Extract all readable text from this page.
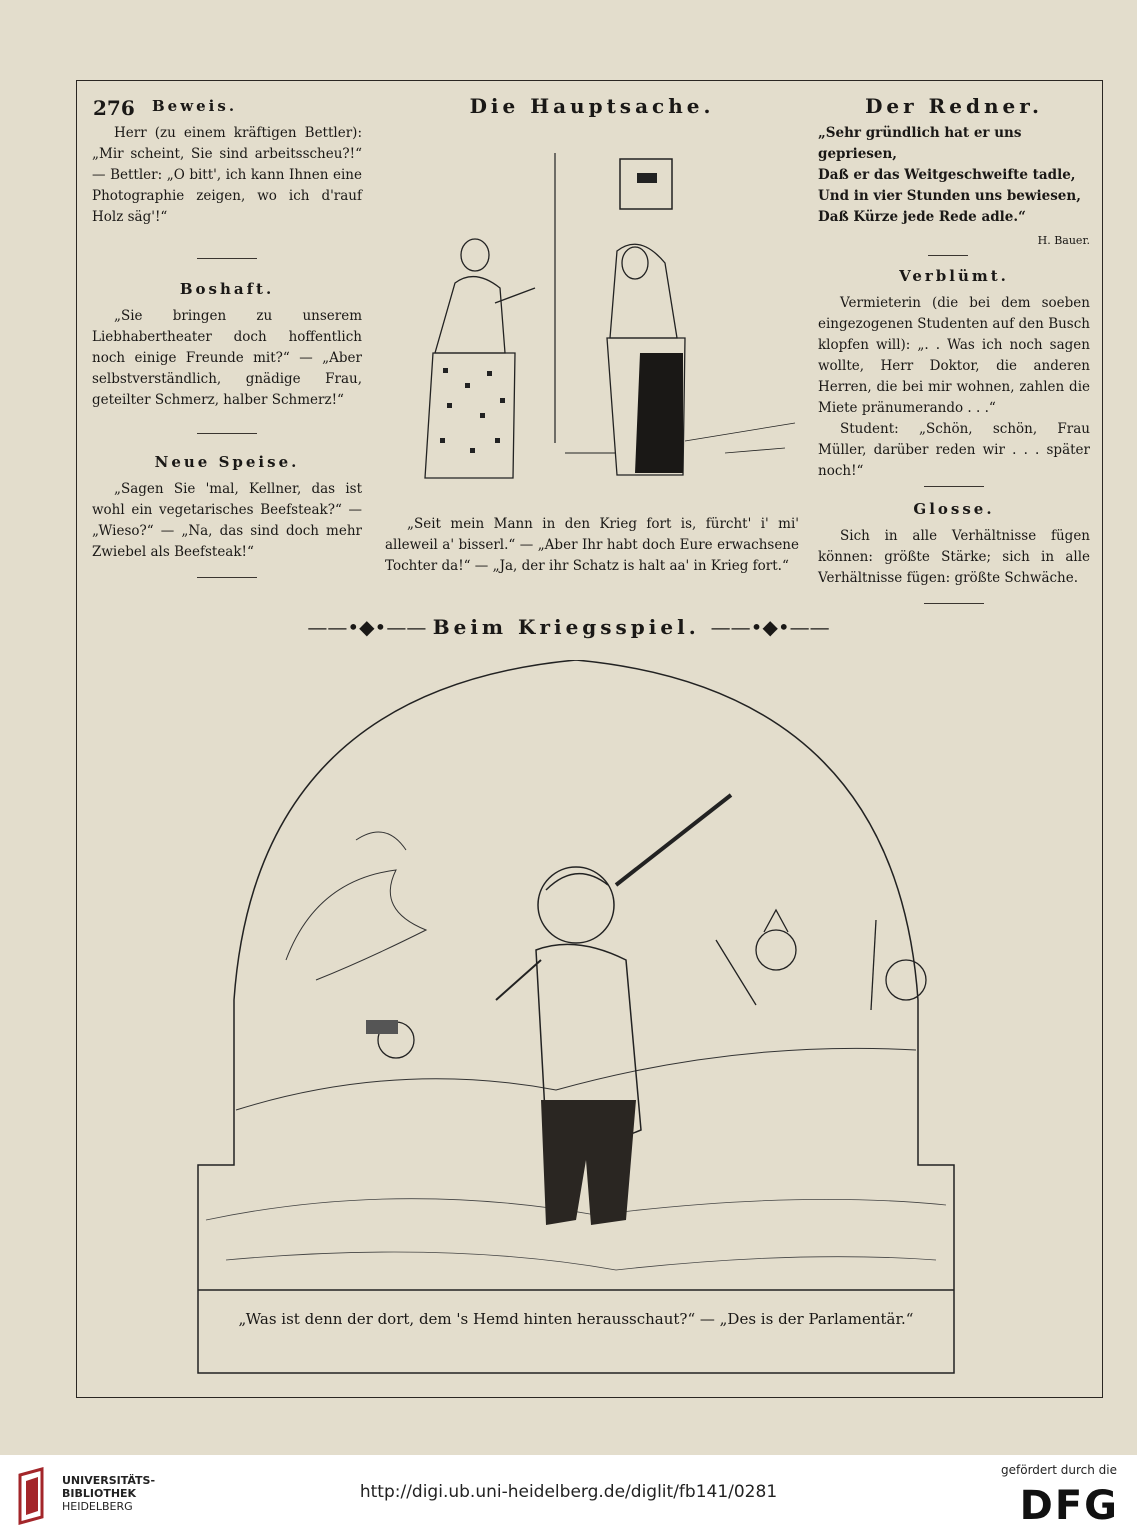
276 Beweis.

Herr (zu einem kräftigen Bettler): „Mir scheint, Sie sind arbeitsscheu?!“ — Bettler: „O bitt', ich kann Ihnen eine Photographie zeigen, wo ich d'rauf Holz säg'!“

Boshaft.

„Sie bringen zu unserem Liebhabertheater doch hoffentlich noch einige Freunde mit?“ — „Aber selbstverständlich, gnädige Frau, geteilter Schmerz, halber Schmerz!“

Neue Speise.

„Sagen Sie 'mal, Kellner, das ist wohl ein vegetarisches Beefsteak?“ — „Wieso?“ — „Na, das sind doch mehr Zwiebel als Beefsteak!“

Die Hauptsache.

„Seit mein Mann in den Krieg fort is, fürcht' i' mi' alleweil a' bisserl.“ — „Aber Ihr habt doch Eure erwachsene Tochter da!“ — „Ja, der ihr Schatz is halt aa' in Krieg fort.“

Der Redner.
„Sehr gründlich hat er uns gepriesen,
Daß er das Weitgeschweifte tadle,
Und in vier Stunden uns bewiesen,
Daß Kürze jede Rede adle.“
H. Bauer.
Verblümt.

Vermieterin (die bei dem soeben eingezogenen Studenten auf den Busch klopfen will): „. . Was ich noch sagen wollte, Herr Doktor, die anderen Herren, die bei mir wohnen, zahlen die Miete pränumerando . . .“

Student: „Schön, schön, Frau Müller, darüber reden wir . . . später noch!“

Glosse.

Sich in alle Verhältnisse fügen können: größte Stärke; sich in alle Verhältnisse fügen: größte Schwäche.

——•◆•—— Beim Kriegsspiel. ——•◆•——
„Was ist denn der dort, dem 's Hemd hinten herausschaut?“ — „Des is der Parlamentär.“
UNIVERSITÄTS-
BIBLIOTHEK
HEIDELBERG
http://digi.ub.uni-heidelberg.de/diglit/fb141/0281
gefördert durch die
DFG
